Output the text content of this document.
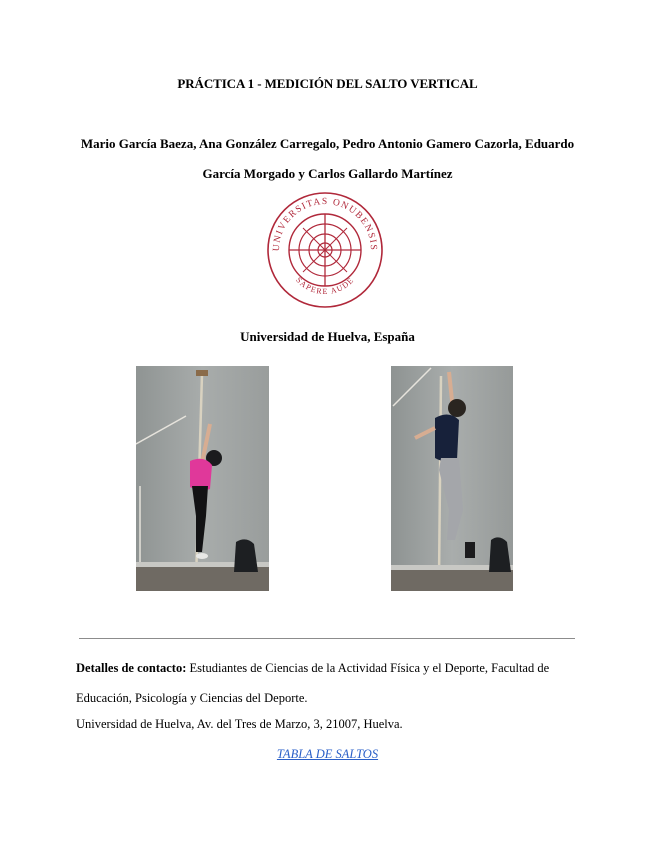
PRÁCTICA 1 - MEDICIÓN DEL SALTO VERTICAL
Mario García Baeza, Ana González Carregalo, Pedro Antonio Gamero Cazorla, Eduardo
García Morgado y Carlos Gallardo Martínez
UNIVERSITAS ONUBENSIS
SAPERE AUDE
Universidad de Huelva, España
Detalles de contacto: Estudiantes de Ciencias de la Actividad Física y el Deporte, Facultad de Educación, Psicología y Ciencias del Deporte.
Universidad de Huelva, Av. del Tres de Marzo, 3, 21007, Huelva.
TABLA DE SALTOS
